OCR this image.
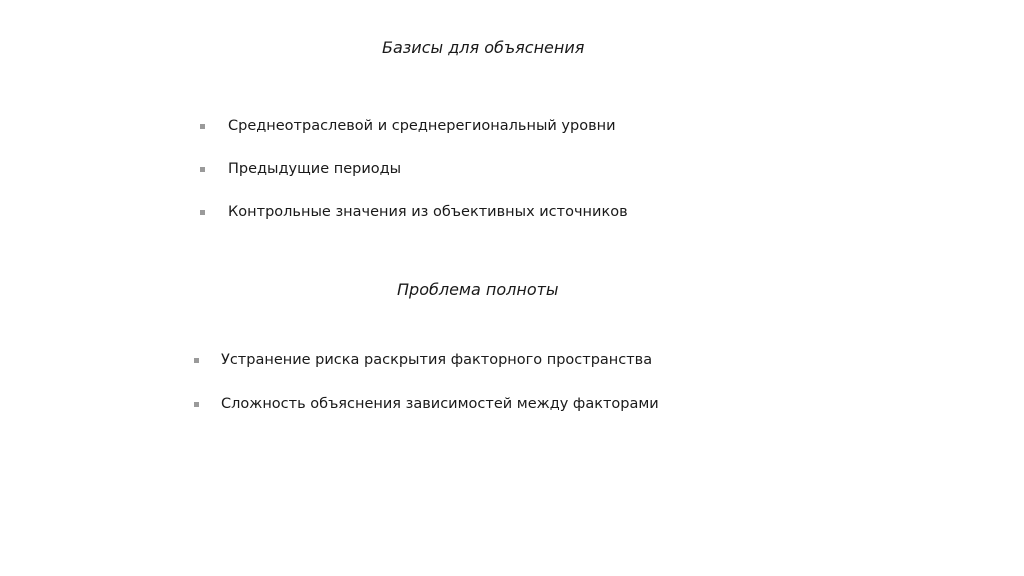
Базисы для объяснения
Среднеотраслевой и среднерегиональный уровни
Предыдущие периоды
Контрольные значения из объективных источников
Проблема полноты
Устранение риска раскрытия факторного пространства
Сложность объяснения зависимостей между факторами
